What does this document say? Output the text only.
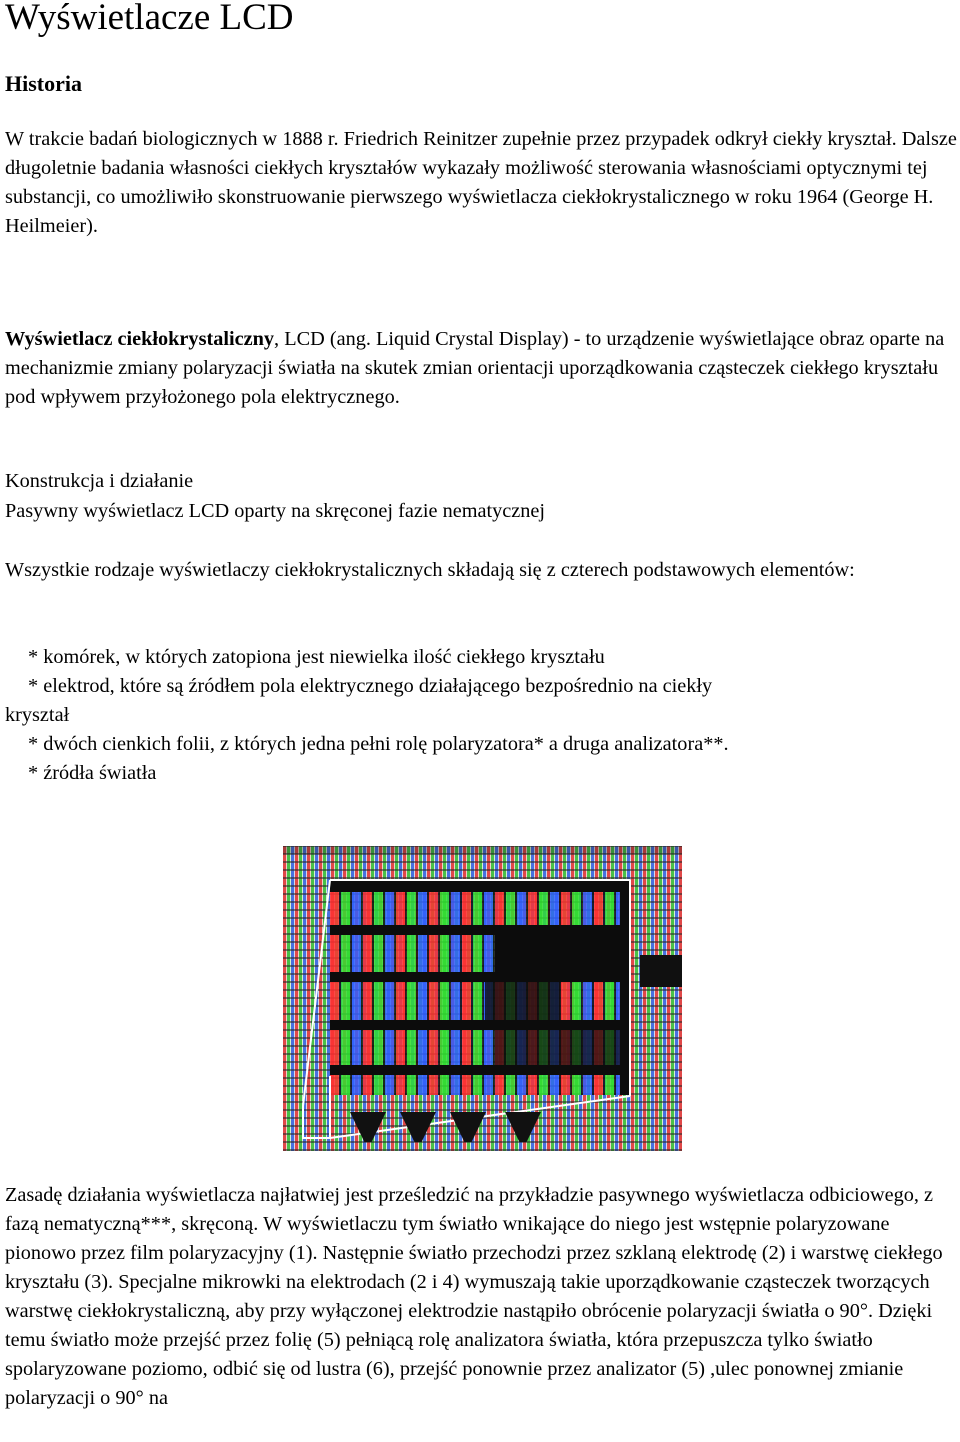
Wyświetlacze LCD
Historia

W trakcie badań biologicznych w 1888 r. Friedrich Reinitzer zupełnie przez przypadek odkrył ciekły kryształ. Dalsze długoletnie badania własności ciekłych kryształów wykazały możliwość sterowania własnościami optycznymi tej substancji, co umożliwiło skonstruowanie pierwszego wyświetlacza ciekłokrystalicznego w roku 1964 (George H. Heilmeier).

Wyświetlacz ciekłokrystaliczny, LCD (ang. Liquid Crystal Display) - to urządzenie wyświetlające obraz oparte na mechanizmie zmiany polaryzacji światła na skutek zmian orientacji uporządkowania cząsteczek ciekłego kryształu pod wpływem przyłożonego pola elektrycznego.

Konstrukcja i działanie
Pasywny wyświetlacz LCD oparty na skręconej fazie nematycznej

Wszystkie rodzaje wyświetlaczy ciekłokrystalicznych składają się z czterech podstawowych elementów:

* komórek, w których zatopiona jest niewielka ilość ciekłego kryształu
* elektrod, które są źródłem pola elektrycznego działającego bezpośrednio na ciekły
kryształ
* dwóch cienkich folii, z których jedna pełni rolę polaryzatora* a druga analizatora**.
* źródła światła

Zasadę działania wyświetlacza najłatwiej jest prześledzić na przykładzie pasywnego wyświetlacza odbiciowego, z fazą nematyczną***, skręconą. W wyświetlaczu tym światło wnikające do niego jest wstępnie polaryzowane pionowo przez film polaryzacyjny (1). Następnie światło przechodzi przez szklaną elektrodę (2) i warstwę ciekłego kryształu (3). Specjalne mikrowki na elektrodach (2 i 4) wymuszają takie uporządkowanie cząsteczek tworzących warstwę ciekłokrystaliczną, aby przy wyłączonej elektrodzie nastąpiło obrócenie polaryzacji światła o 90°. Dzięki temu światło może przejść przez folię (5) pełniącą rolę analizatora światła, która przepuszcza tylko światło spolaryzowane poziomo, odbić się od lustra (6), przejść ponownie przez analizator (5) ,ulec ponownej zmianie polaryzacji o 90° na
